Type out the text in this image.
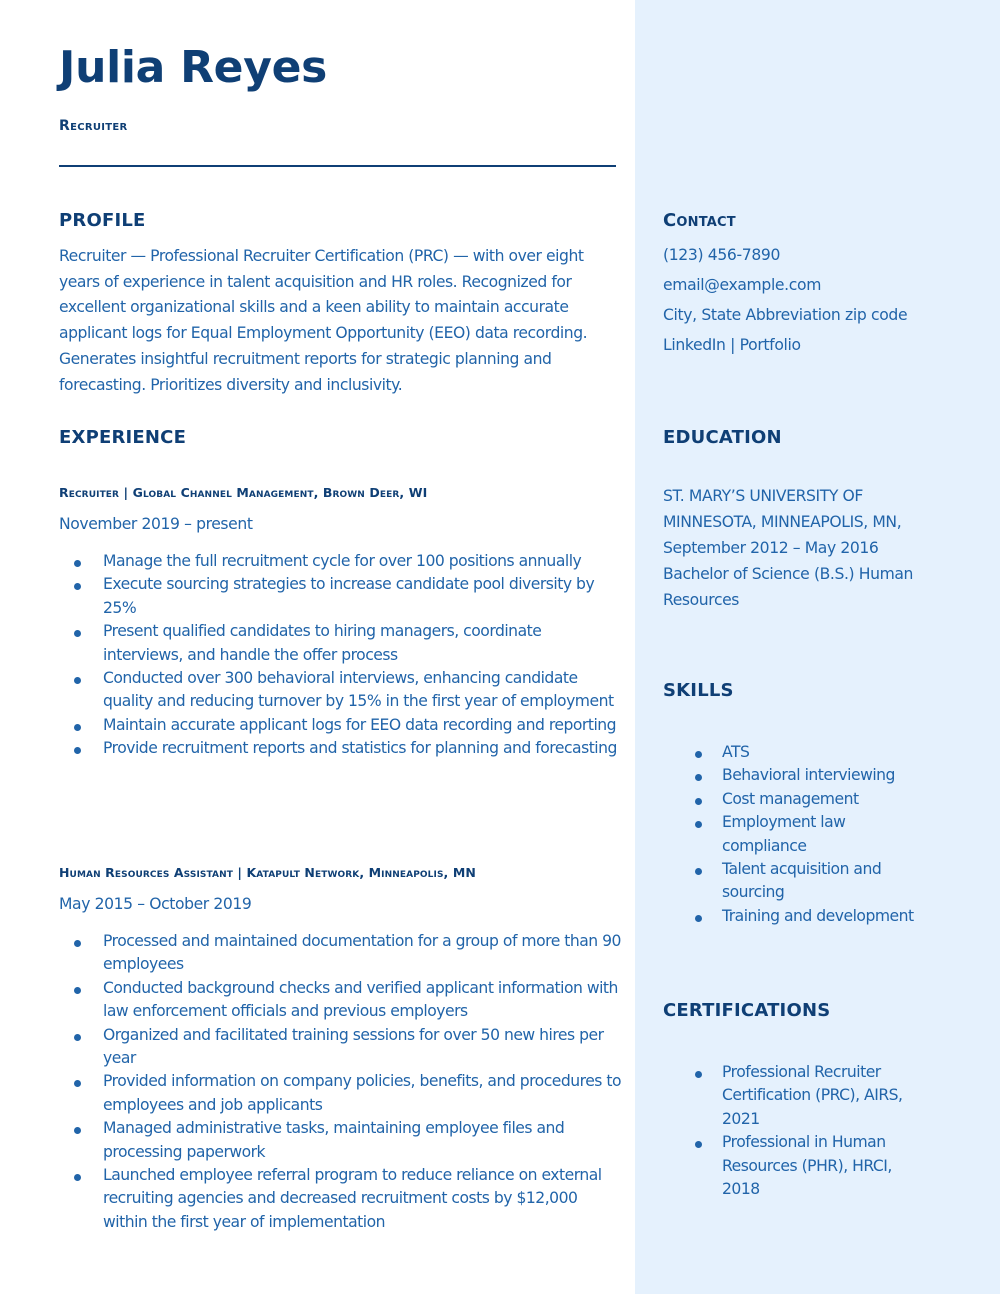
Julia Reyes
Recruiter
PROFILE
Recruiter — Professional Recruiter Certification (PRC) — with over eight years of experience in talent acquisition and HR roles. Recognized for excellent organizational skills and a keen ability to maintain accurate applicant logs for Equal Employment Opportunity (EEO) data recording. Generates insightful recruitment reports for strategic planning and forecasting. Prioritizes diversity and inclusivity.
EXPERIENCE
Recruiter | Global Channel Management, Brown Deer, WI
November 2019 – present
Manage the full recruitment cycle for over 100 positions annually
Execute sourcing strategies to increase candidate pool diversity by 25%
Present qualified candidates to hiring managers, coordinate interviews, and handle the offer process
Conducted over 300 behavioral interviews, enhancing candidate quality and reducing turnover by 15% in the first year of employment
Maintain accurate applicant logs for EEO data recording and reporting
Provide recruitment reports and statistics for planning and forecasting
Human Resources Assistant | Katapult Network, Minneapolis, MN
May 2015 – October 2019
Processed and maintained documentation for a group of more than 90 employees
Conducted background checks and verified applicant information with law enforcement officials and previous employers
Organized and facilitated training sessions for over 50 new hires per year
Provided information on company policies, benefits, and procedures to employees and job applicants
Managed administrative tasks, maintaining employee files and processing paperwork
Launched employee referral program to reduce reliance on external recruiting agencies and decreased recruitment costs by $12,000 within the first year of implementation
Contact
(123) 456-7890
email@example.com
City, State Abbreviation zip code
LinkedIn | Portfolio
EDUCATION
ST. MARY’S UNIVERSITY OF MINNESOTA, MINNEAPOLIS, MN,
September 2012 – May 2016
Bachelor of Science (B.S.) Human Resources
SKILLS
ATS
Behavioral interviewing
Cost management
Employment law compliance
Talent acquisition and sourcing
Training and development
CERTIFICATIONS
Professional Recruiter Certification (PRC), AIRS, 2021
Professional in Human Resources (PHR), HRCI, 2018
